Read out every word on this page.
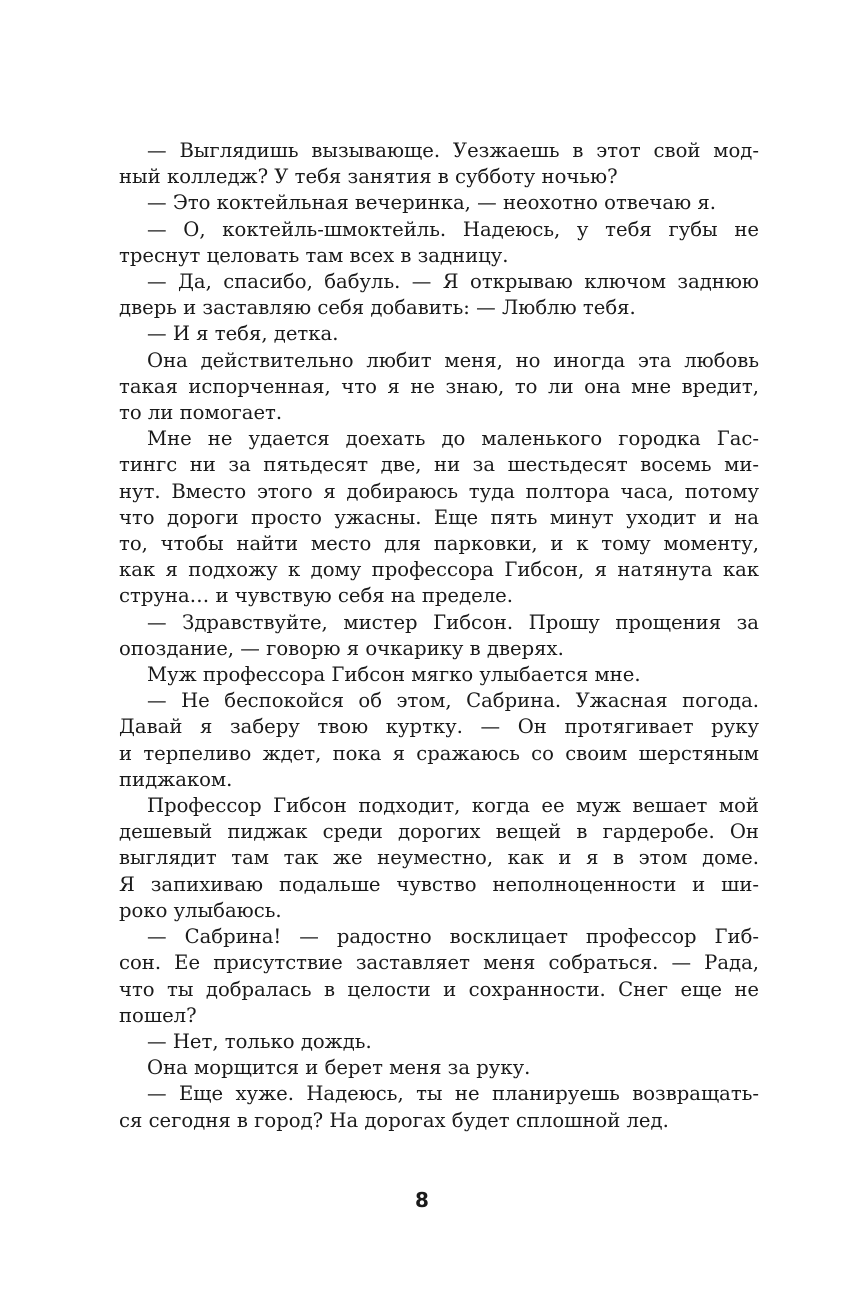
— Выглядишь вызывающе. Уезжаешь в этот свой мод-
ный колледж? У тебя занятия в субботу ночью?
— Это коктейльная вечеринка, — неохотно отвечаю я.
— О, коктейль-шмоктейль. Надеюсь, у тебя губы не
треснут целовать там всех в задницу.
— Да, спасибо, бабуль. — Я открываю ключом заднюю
дверь и заставляю себя добавить: — Люблю тебя.
— И я тебя, детка.
Она действительно любит меня, но иногда эта любовь
такая испорченная, что я не знаю, то ли она мне вредит,
то ли помогает.
Мне не удается доехать до маленького городка Гас-
тингс ни за пятьдесят две, ни за шестьдесят восемь ми-
нут. Вместо этого я добираюсь туда полтора часа, потому
что дороги просто ужасны. Еще пять минут уходит и на
то, чтобы найти место для парковки, и к тому моменту,
как я подхожу к дому профессора Гибсон, я натянута как
струна… и чувствую себя на пределе.
— Здравствуйте, мистер Гибсон. Прошу прощения за
опоздание, — говорю я очкарику в дверях.
Муж профессора Гибсон мягко улыбается мне.
— Не беспокойся об этом, Сабрина. Ужасная погода.
Давай я заберу твою куртку. — Он протягивает руку
и терпеливо ждет, пока я сражаюсь со своим шерстяным
пиджаком.
Профессор Гибсон подходит, когда ее муж вешает мой
дешевый пиджак среди дорогих вещей в гардеробе. Он
выглядит там так же неуместно, как и я в этом доме.
Я запихиваю подальше чувство неполноценности и ши-
роко улыбаюсь.
— Сабрина! — радостно восклицает профессор Гиб-
сон. Ее присутствие заставляет меня собраться. — Рада,
что ты добралась в целости и сохранности. Снег еще не
пошел?
— Нет, только дождь.
Она морщится и берет меня за руку.
— Еще хуже. Надеюсь, ты не планируешь возвращать-
ся сегодня в город? На дорогах будет сплошной лед.
8
